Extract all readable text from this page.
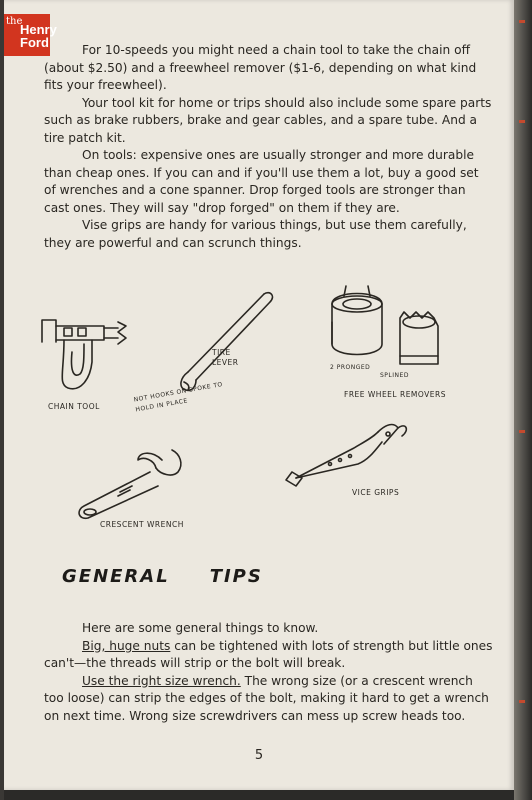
For 10-speeds you might need a chain tool to take the chain off (about $2.50) and a freewheel remover ($1-6, depending on what kind fits your freewheel).

Your tool kit for home or trips should also include some spare parts such as brake rubbers, brake and gear cables, and a spare tube. And a tire patch kit.

On tools: expensive ones are usually stronger and more durable than cheap ones. If you can and if you'll use them a lot, buy a good set of wrenches and a cone spanner. Drop forged tools are stronger than cast ones. They will say "drop forged" on them if they are.

Vise grips are handy for various things, but use them carefully, they are powerful and can scrunch things.

CHAIN TOOL
TIRE LEVER
NOT HOOKS ON SPOKE TO HOLD IN PLACE
2 PRONGED
SPLINED
FREE WHEEL REMOVERS
CRESCENT WRENCH
VICE GRIPS
GENERAL TIPS

Here are some general things to know.

Big, huge nuts can be tightened with lots of strength but little ones can't—the threads will strip or the bolt will break.

Use the right size wrench. The wrong size (or a crescent wrench too loose) can strip the edges of the bolt, making it hard to get a wrench on next time. Wrong size screwdrivers can mess up screw heads too.

5
the
Henry
Ford
